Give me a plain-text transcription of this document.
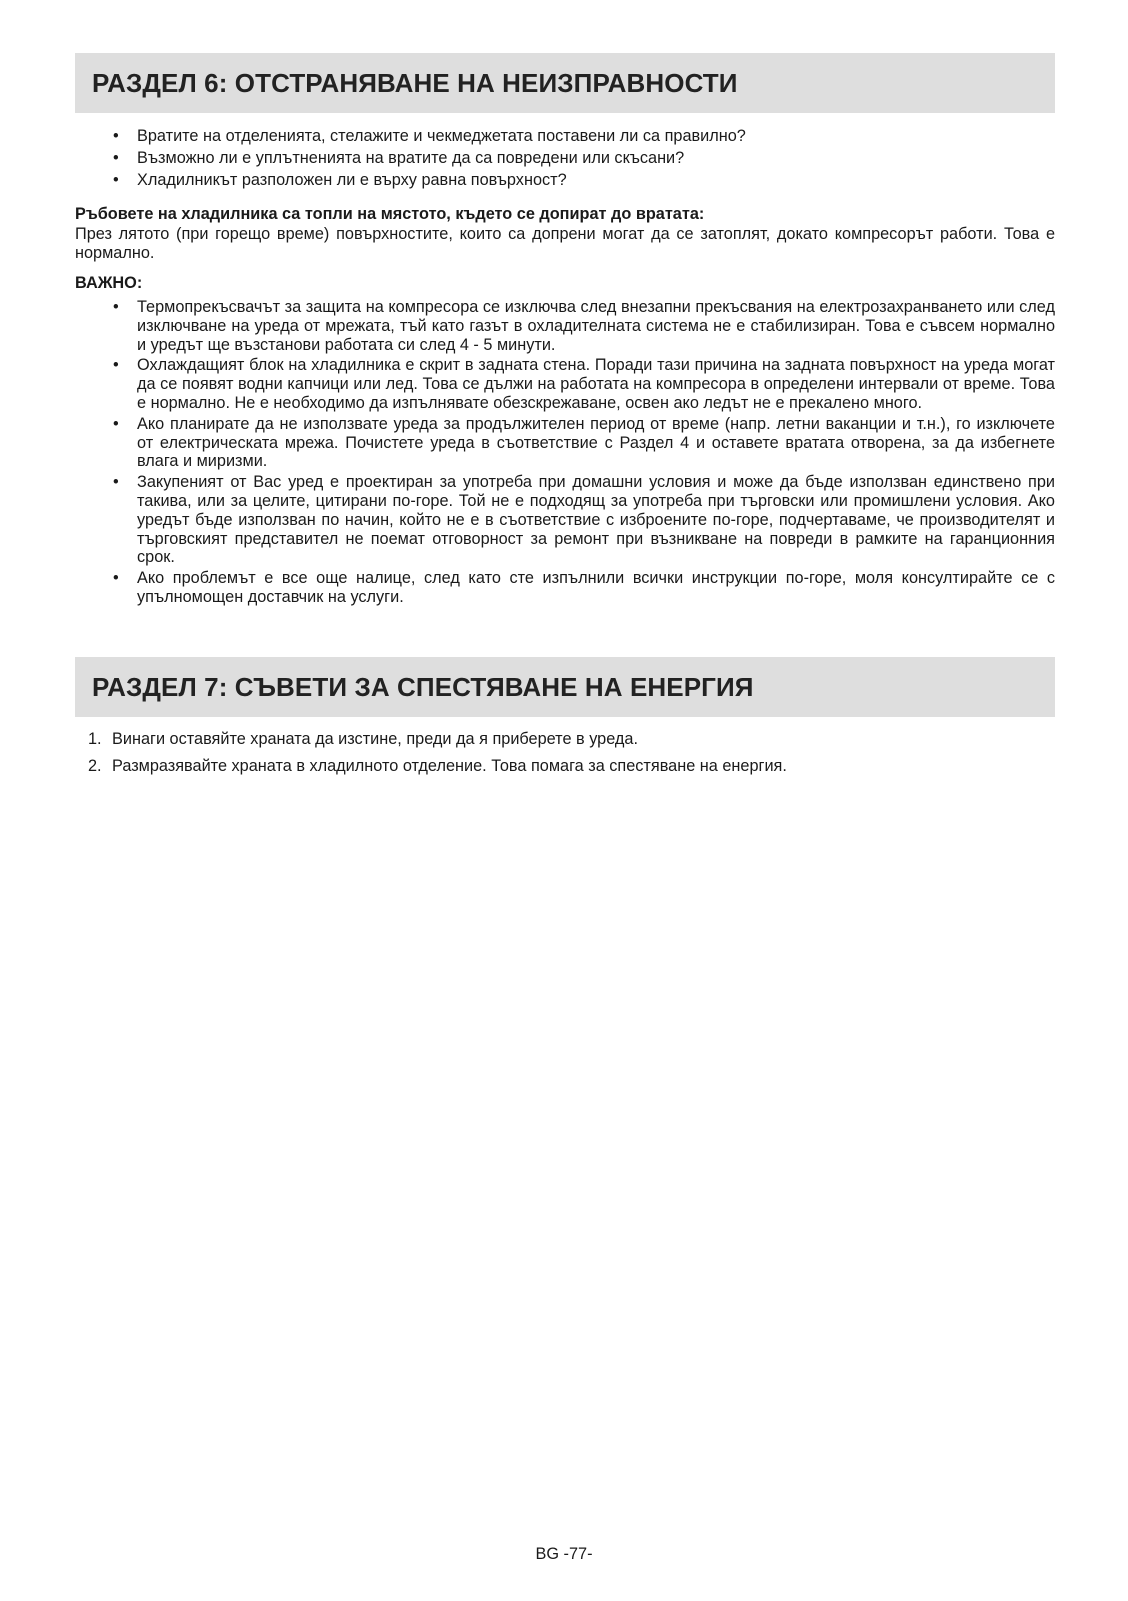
РАЗДЕЛ 6: ОТСТРАНЯВАНЕ НА НЕИЗПРАВНОСТИ
• Вратите на отделенията, стелажите и чекмеджетата поставени ли са правилно?
• Възможно ли е уплътненията на вратите да са повредени или скъсани?
• Хладилникът разположен ли е върху равна повърхност?
Ръбовете на хладилника са топли на мястото, където се допират до вратата:
През лятото (при горещо време) повърхностите, които са допрени могат да се затоплят, докато компресорът работи. Това е нормално.
ВАЖНО:
• Термопрекъсвачът за защита на компресора се изключва след внезапни прекъсвания на електрозахранването или след изключване на уреда от мрежата, тъй като газът в охладителната система не е стабилизиран. Това е съвсем нормално и уредът ще възстанови работата си след 4 - 5 минути.
• Охлаждащият блок на хладилника е скрит в задната стена. Поради тази причина на задната повърхност на уреда могат да се появят водни капчици или лед. Това се дължи на работата на компресора в определени интервали от време. Това е нормално. Не е необходимо да изпълнявате обезскрежаване, освен ако ледът не е прекалено много.
• Ако планирате да не използвате уреда за продължителен период от време (напр. летни ваканции и т.н.), го изключете от електрическата мрежа. Почистете уреда в съответствие с Раздел 4 и оставете вратата отворена, за да избегнете влага и миризми.
• Закупеният от Вас уред е проектиран за употреба при домашни условия и може да бъде използван единствено при такива, или за целите, цитирани по-горе. Той не е подходящ за употреба при търговски или промишлени условия. Ако уредът бъде използван по начин, който не е в съответствие с изброените по-горе, подчертаваме, че производителят и търговският представител не поемат отговорност за ремонт при възникване на повреди в рамките на гаранционния срок.
• Ако проблемът е все още налице, след като сте изпълнили всички инструкции по-горе, моля консултирайте се с упълномощен доставчик на услуги.
РАЗДЕЛ 7: СЪВЕТИ ЗА СПЕСТЯВАНЕ НА ЕНЕРГИЯ
1. Винаги оставяйте храната да изстине, преди да я приберете в уреда.
2. Размразявайте храната в хладилното отделение. Това помага за спестяване на енергия.
BG -77-
